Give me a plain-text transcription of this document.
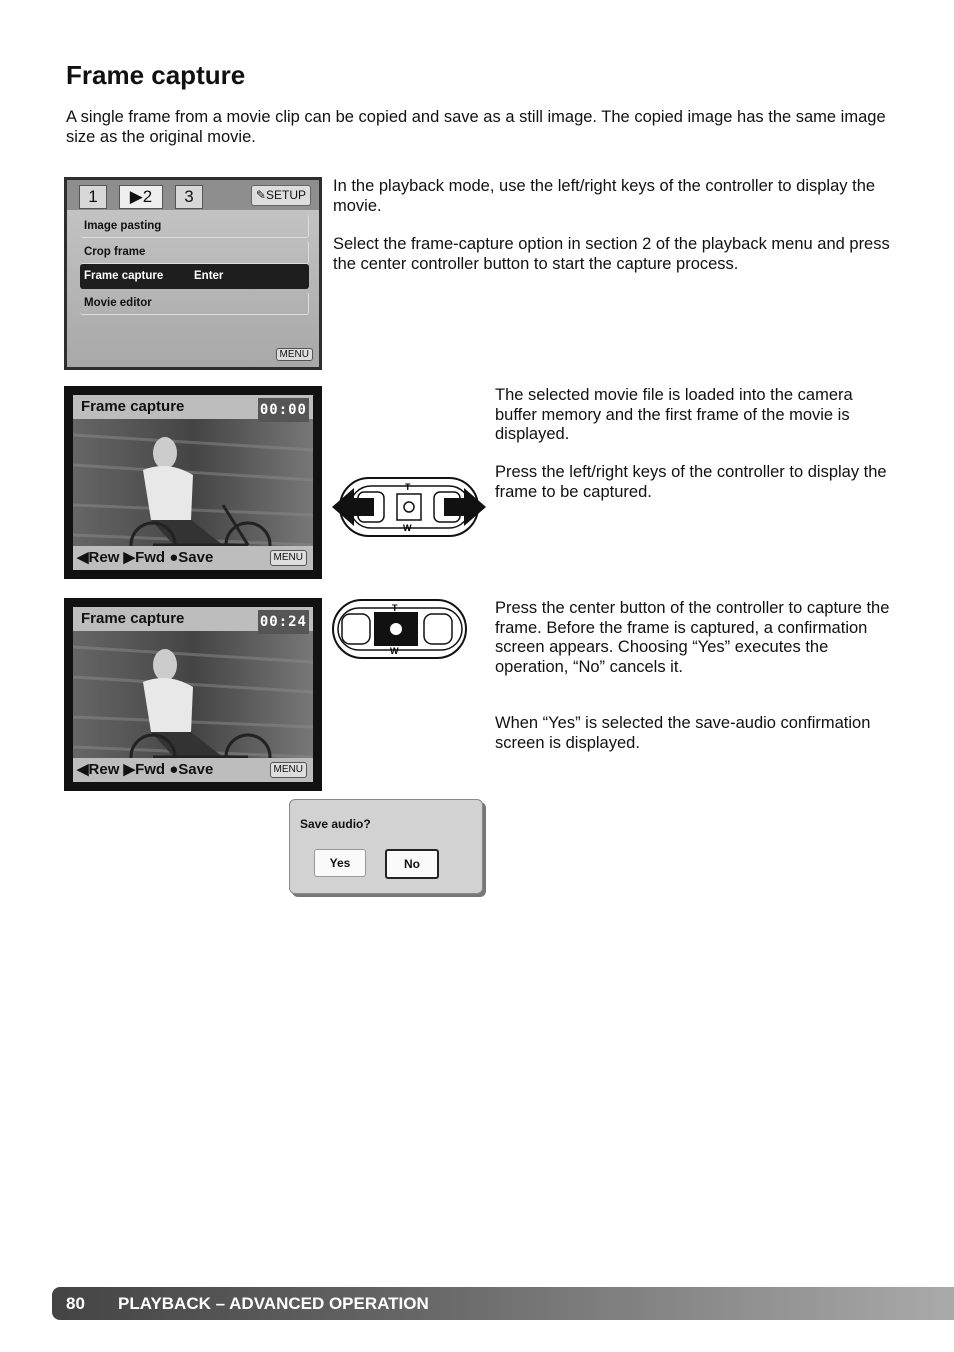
Frame capture

A single frame from a movie clip can be copied and save as a still image. The copied image has the same image size as the original movie.

1	▶2	3	✎SETUP
Image pasting
Crop frame
Frame capture	Enter
Movie editor
MENU

In the playback mode, use the left/right keys of the controller to display the movie.

Select the frame-capture option in section 2 of the playback menu and press the center controller button to start the capture process.

Frame capture	00:00
◀Rew ▶Fwd ●Save	MENU
T
W

The selected movie file is loaded into the camera buffer memory and the first frame of the movie is displayed.

Press the left/right keys of the controller to display the frame to be captured.

Frame capture	00:24
◀Rew ▶Fwd ●Save	MENU
T
W

Press the center button of the controller to capture the frame. Before the frame is captured, a confirmation screen appears. Choosing “Yes” executes the operation, “No” cancels it.

When “Yes” is selected the save-audio confirmation screen is displayed.

Save audio?
Yes	No
80 PLAYBACK – ADVANCED OPERATION
